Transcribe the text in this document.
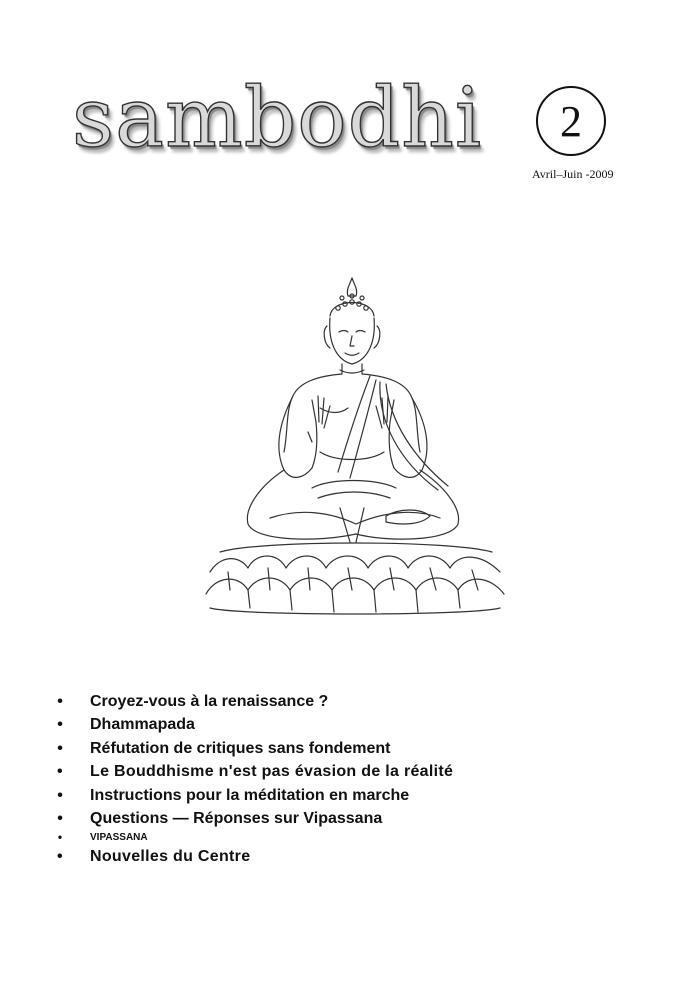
sambodhi 2
Avril–Juin -2009
• Croyez-vous à la renaissance ?
• Dhammapada
• Réfutation de critiques sans fondement
• Le Bouddhisme n'est pas évasion de la réalité
• Instructions pour la méditation en marche
• Questions — Réponses sur Vipassana
•	VIPASSANA
• Nouvelles du Centre
